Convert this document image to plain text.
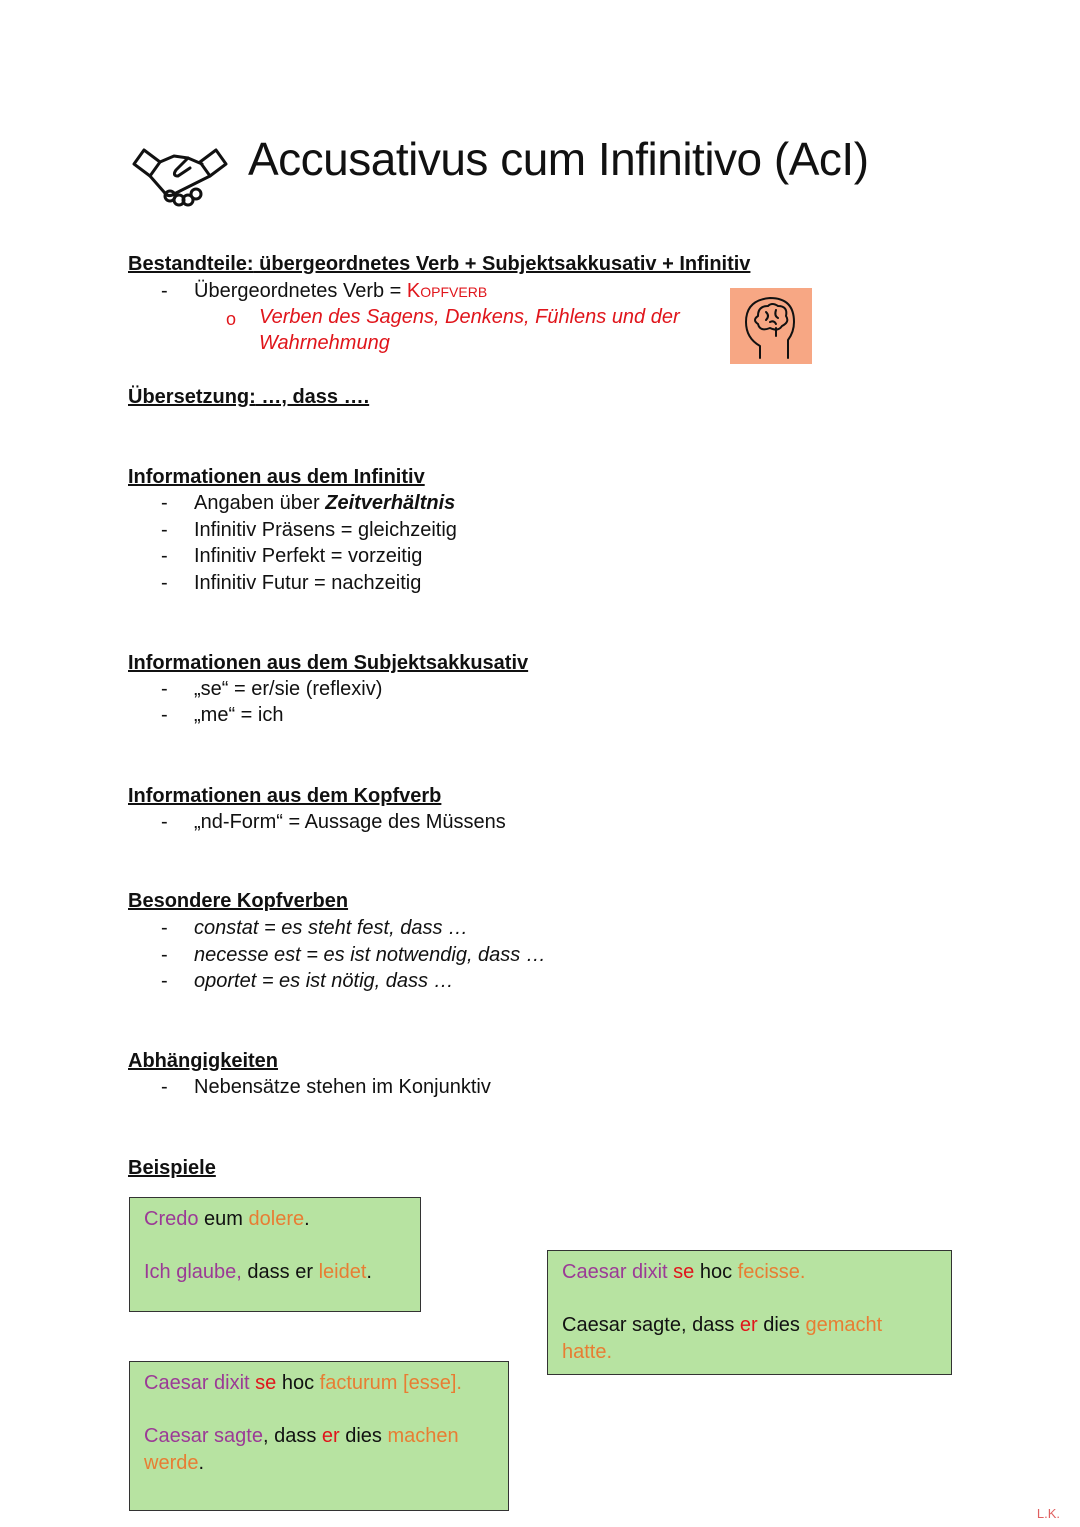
Accusativus cum Infinitivo (AcI)
Bestandteile: übergeordnetes Verb + Subjektsakkusativ + Infinitiv
- Übergeordnetes Verb = Kopfverb
o Verben des Sagens, Denkens, Fühlens und der
Wahrnehmung
Übersetzung: …, dass ….
Informationen aus dem Infinitiv
- Angaben über Zeitverhältnis
- Infinitiv Präsens = gleichzeitig
- Infinitiv Perfekt = vorzeitig
- Infinitiv Futur = nachzeitig
Informationen aus dem Subjektsakkusativ
- „se“ = er/sie (reflexiv)
- „me“ = ich
Informationen aus dem Kopfverb
- „nd-Form“ = Aussage des Müssens
Besondere Kopfverben
- constat = es steht fest, dass …
- necesse est = es ist notwendig, dass …
- oportet = es ist nötig, dass …
Abhängigkeiten
- Nebensätze stehen im Konjunktiv
Beispiele

Credo eum dolere.

Ich glaube, dass er leidet.	Caesar dixit se hoc fecisse.

Caesar sagte, dass er dies gemacht
hatte.

Caesar dixit se hoc facturum [esse].

Caesar sagte, dass er dies machen
werde.

L.K.
